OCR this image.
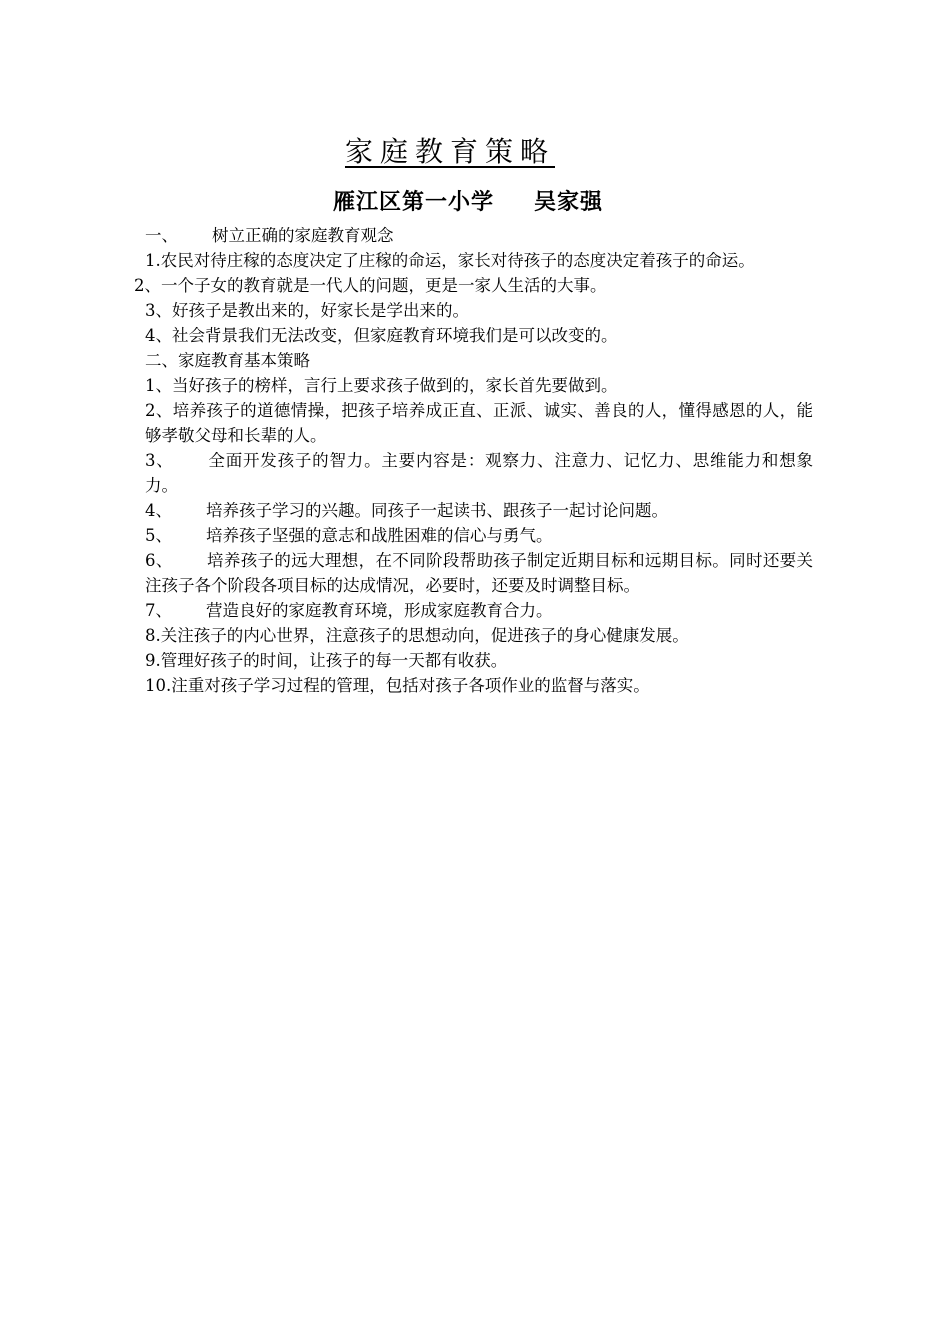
家庭教育策略
雁江区第一小学 吴家强

一、 树立正确的家庭教育观念

1.农民对待庄稼的态度决定了庄稼的命运，家长对待孩子的态度决定着孩子的命运。

2、一个子女的教育就是一代人的问题，更是一家人生活的大事。

3、好孩子是教出来的，好家长是学出来的。

4、社会背景我们无法改变，但家庭教育环境我们是可以改变的。

二、家庭教育基本策略

1、当好孩子的榜样，言行上要求孩子做到的，家长首先要做到。

2、培养孩子的道德情操，把孩子培养成正直、正派、诚实、善良的人，懂得感恩的人，能够孝敬父母和长辈的人。

3、 全面开发孩子的智力。主要内容是：观察力、注意力、记忆力、思维能力和想象力。

4、 培养孩子学习的兴趣。同孩子一起读书、跟孩子一起讨论问题。

5、 培养孩子坚强的意志和战胜困难的信心与勇气。

6、 培养孩子的远大理想，在不同阶段帮助孩子制定近期目标和远期目标。同时还要关注孩子各个阶段各项目标的达成情况，必要时，还要及时调整目标。

7、 营造良好的家庭教育环境，形成家庭教育合力。

8.关注孩子的内心世界，注意孩子的思想动向，促进孩子的身心健康发展。

9.管理好孩子的时间，让孩子的每一天都有收获。

10.注重对孩子学习过程的管理，包括对孩子各项作业的监督与落实。
